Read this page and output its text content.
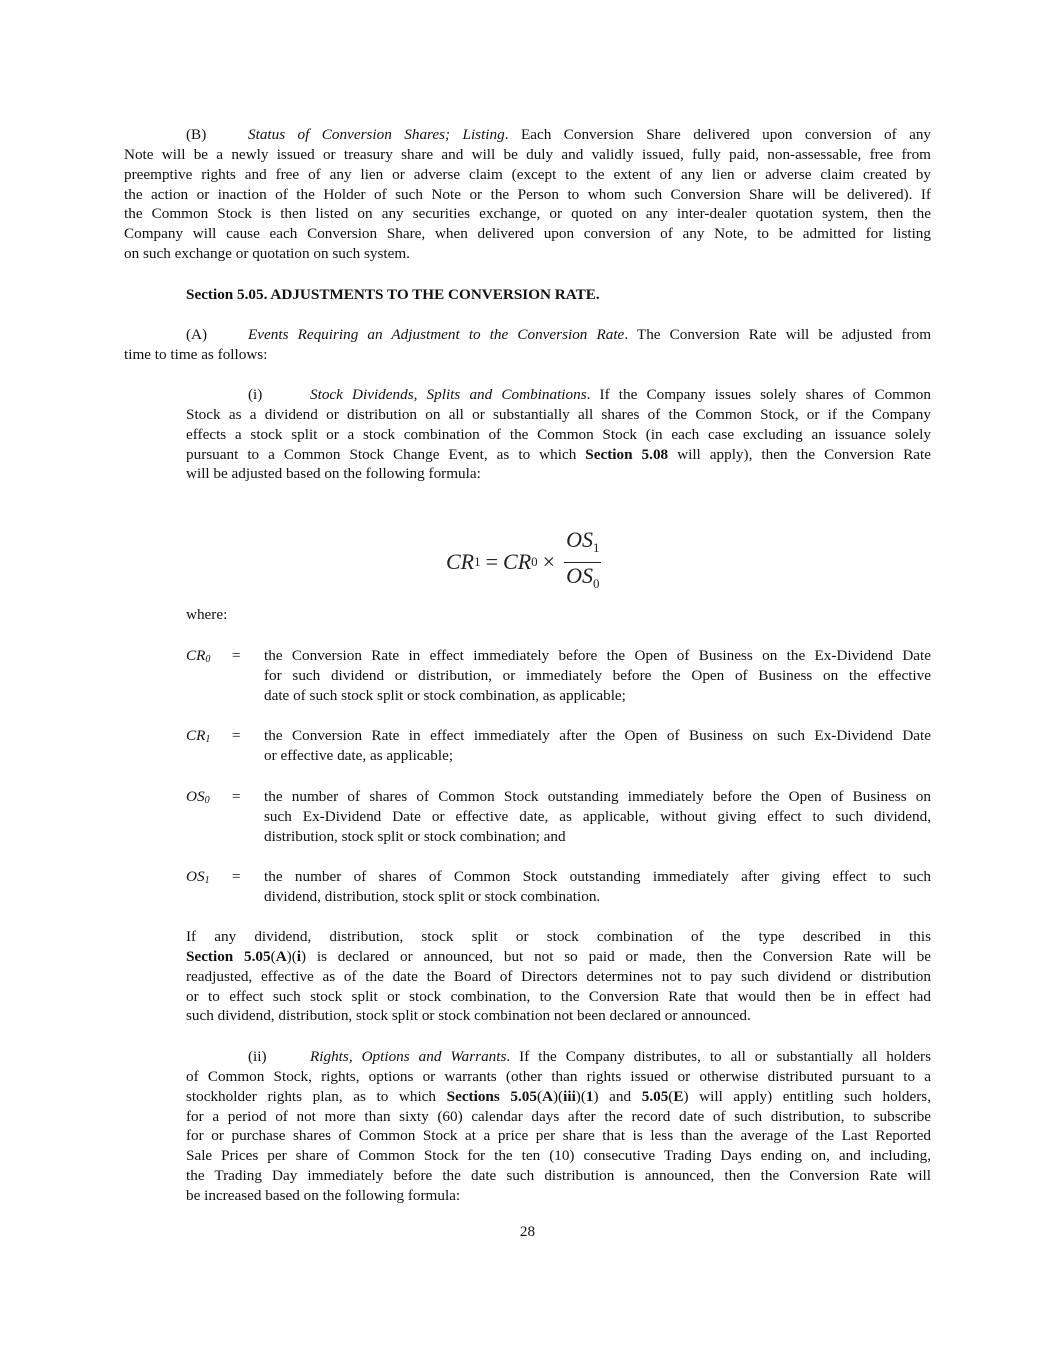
(B)	Status of Conversion Shares; Listing. Each Conversion Share delivered upon conversion of any
Note will be a newly issued or treasury share and will be duly and validly issued, fully paid, non-assessable, free from
preemptive rights and free of any lien or adverse claim (except to the extent of any lien or adverse claim created by
the action or inaction of the Holder of such Note or the Person to whom such Conversion Share will be delivered). If
the Common Stock is then listed on any securities exchange, or quoted on any inter-dealer quotation system, then the
Company will cause each Conversion Share, when delivered upon conversion of any Note, to be admitted for listing
on such exchange or quotation on such system.
(A)	Events Requiring an Adjustment to the Conversion Rate. The Conversion Rate will be adjusted from
time to time as follows:
(i)	Stock Dividends, Splits and Combinations. If the Company issues solely shares of Common
Stock as a dividend or distribution on all or substantially all shares of the Common Stock, or if the Company
effects a stock split or a stock combination of the Common Stock (in each case excluding an issuance solely
pursuant to a Common Stock Change Event, as to which Section 5.08 will apply), then the Conversion Rate
will be adjusted based on the following formula:
If any dividend, distribution, stock split or stock combination of the type described in this
Section 5.05(A)(i) is declared or announced, but not so paid or made, then the Conversion Rate will be
readjusted, effective as of the date the Board of Directors determines not to pay such dividend or distribution
or to effect such stock split or stock combination, to the Conversion Rate that would then be in effect had
such dividend, distribution, stock split or stock combination not been declared or announced.
(ii)	Rights, Options and Warrants. If the Company distributes, to all or substantially all holders
of Common Stock, rights, options or warrants (other than rights issued or otherwise distributed pursuant to a
stockholder rights plan, as to which Sections 5.05(A)(iii)(1) and 5.05(E) will apply) entitling such holders,
for a period of not more than sixty (60) calendar days after the record date of such distribution, to subscribe
for or purchase shares of Common Stock at a price per share that is less than the average of the Last Reported
Sale Prices per share of Common Stock for the ten (10) consecutive Trading Days ending on, and including,
the Trading Day immediately before the date such distribution is announced, then the Conversion Rate will
be increased based on the following formula:
Section 5.05. ADJUSTMENTS TO THE CONVERSION RATE.
CR 1 = CR $0 \times \frac{OS_1}{OS_0}$
where:
$CR_0$ = the Conversion Rate in effect immediately before the Open of Business on the Ex-Dividend Date
for such dividend or distribution, or immediately before the Open of Business on the effective
date of such stock split or stock combination, as applicable;
$CR_1$ = the Conversion Rate in effect immediately after the Open of Business on such Ex-Dividend Date
or effective date, as applicable;
$OS_0$ = the number of shares of Common Stock outstanding immediately before the Open of Business on
such Ex-Dividend Date or effective date, as applicable, without giving effect to such dividend,
distribution, stock split or stock combination; and
$OS_1$ = the number of shares of Common Stock outstanding immediately after giving effect to such
dividend, distribution, stock split or stock combination.
28
